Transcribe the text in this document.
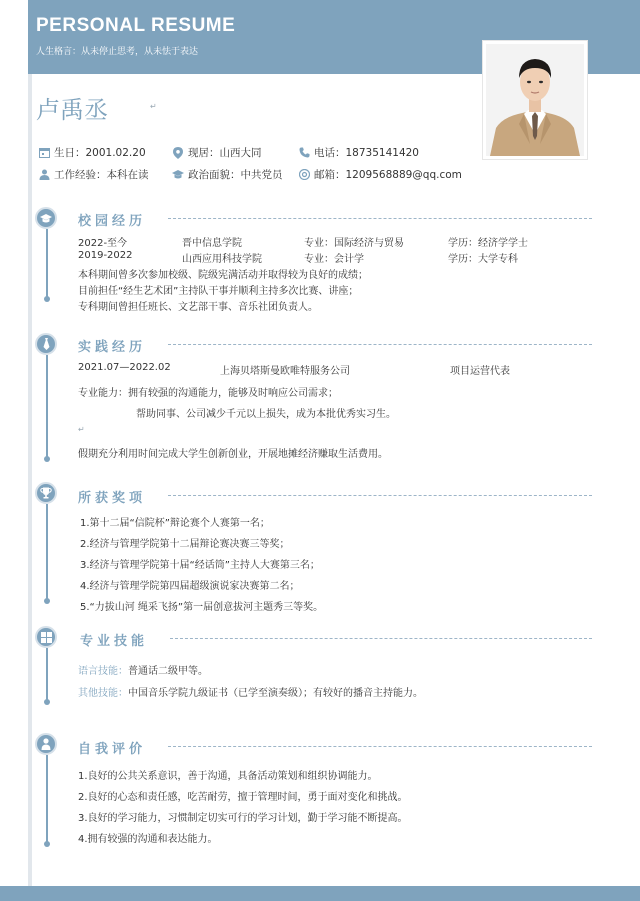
PERSONAL RESUME
人生格言：从未停止思考，从未怯于表达
卢禹丞	↵
生日：2001.02.20	现居：山西大同	电话：18735141420
工作经验：本科在读	政治面貌：中共党员	邮箱：1209568889@qq.com
校园经历
2022-至今	晋中信息学院	专业：国际经济与贸易	学历：经济学学士
2019-2022	山西应用科技学院	专业：会计学	学历：大学专科
本科期间曾多次参加校级、院级宪满活动并取得较为良好的成绩；
目前担任“经生艺术团”主持队干事并顺利主持多次比赛、讲座；
专科期间曾担任班长、文艺部干事、音乐社团负责人。
实践经历
2021.07—2022.02	上海贝塔斯曼欧唯特服务公司	项目运营代表
专业能力：拥有较强的沟通能力，能够及时响应公司需求；
帮助同事、公司减少千元以上损失，成为本批优秀实习生。
↵
假期充分利用时间完成大学生创新创业，开展地摊经济赚取生活费用。
所获奖项
1.第十二届“信院杯”辩论赛个人赛第一名；
2.经济与管理学院第十二届辩论赛决赛三等奖；
3.经济与管理学院第十届“经话筒”主持人大赛第三名；
4.经济与管理学院第四届超级演说家决赛第二名；
5.“力拔山河 绳采飞扬”第一届创意拔河主题秀三等奖。
专业技能
语言技能：普通话二级甲等。
其他技能：中国音乐学院九级证书（已学至演奏级）；有较好的播音主持能力。
自我评价
1.良好的公共关系意识，善于沟通，具备活动策划和组织协调能力。
2.良好的心态和责任感，吃苦耐劳，擅于管理时间，勇于面对变化和挑战。
3.良好的学习能力，习惯制定切实可行的学习计划，勤于学习能不断提高。
4.拥有较强的沟通和表达能力。
